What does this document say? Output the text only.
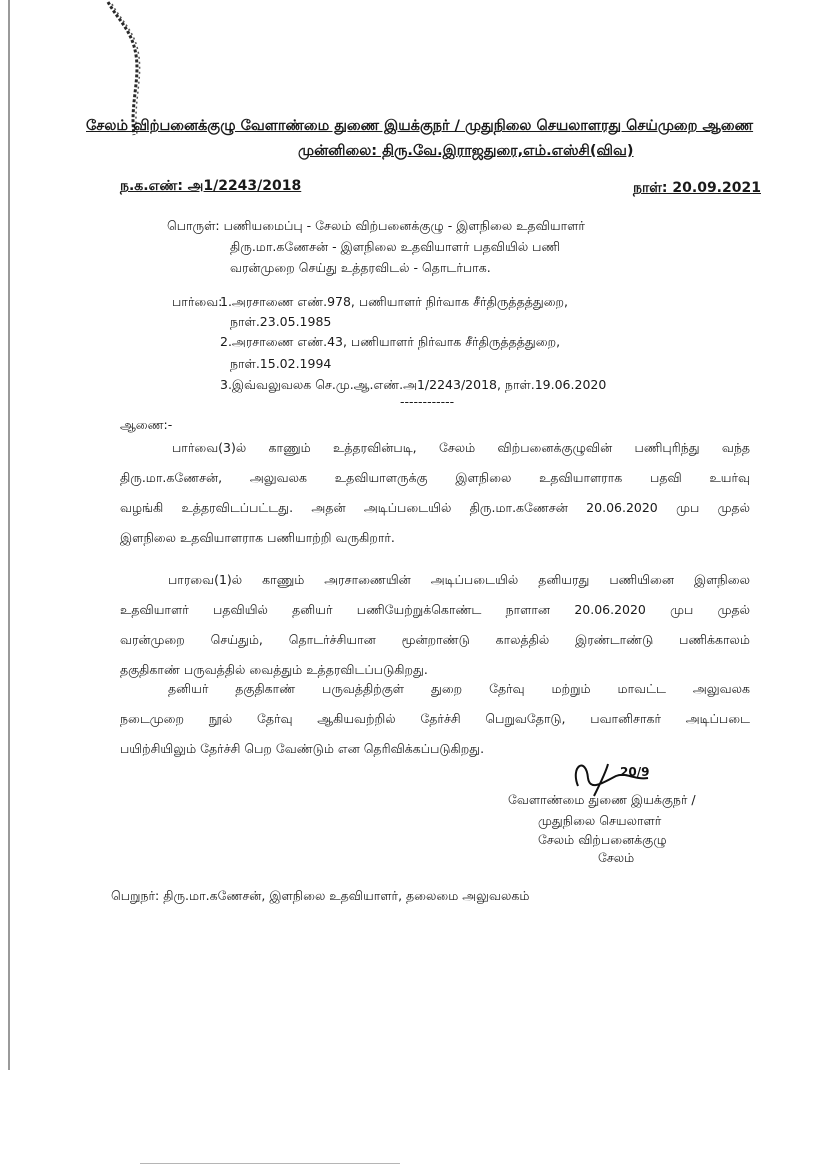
சேலம் விற்பனைக்குழு வேளாண்மை துணை இயக்குநர் / முதுநிலை செயலாளரது செய்முறை ஆணை
முன்னிலை: திரு.வே.இராஜதுரை,எம்.எஸ்சி(விவ)
ந.க.எண்: அ1/2243/2018	நாள்: 20.09.2021
பொருள்: பணியமைப்பு - சேலம் விற்பனைக்குழு - இளநிலை உதவியாளர்
திரு.மா.கணேசன் - இளநிலை உதவியாளர் பதவியில் பணி
வரன்முறை செய்து உத்தரவிடல் - தொடர்பாக.
பார்வை:
1.அரசாணை எண்.978, பணியாளர் நிர்வாக சீர்திருத்தத்துறை,
நாள்.23.05.1985
2.அரசாணை எண்.43, பணியாளர் நிர்வாக சீர்திருத்தத்துறை,
நாள்.15.02.1994
3.இவ்வலுவலக செ.மு.ஆ.எண்.அ1/2243/2018, நாள்.19.06.2020
------------
ஆணை:-
பார்வை(3)ல் காணும் உத்தரவின்படி, சேலம் விற்பனைக்குழுவின் பணிபுரிந்து வந்த
திரு.மா.கணேசன், அலுவலக உதவியாளருக்கு இளநிலை உதவியாளராக பதவி உயர்வு
வழங்கி உத்தரவிடப்பட்டது. அதன் அடிப்படையில் திரு.மா.கணேசன் 20.06.2020 முப முதல்
இளநிலை உதவியாளராக பணியாற்றி வருகிறார்.
பாரவை(1)ல் காணும் அரசாணையின் அடிப்படையில் தனியரது பணியினை இளநிலை
உதவியாளர் பதவியில் தனியர் பணியேற்றுக்கொண்ட நாளான 20.06.2020 முப முதல்
வரன்முறை செய்தும், தொடர்ச்சியான மூன்றாண்டு காலத்தில் இரண்டாண்டு பணிக்காலம்
தகுதிகாண் பருவத்தில் வைத்தும் உத்தரவிடப்படுகிறது.
தனியர் தகுதிகாண் பருவத்திற்குள் துறை தேர்வு மற்றும் மாவட்ட அலுவலக
நடைமுறை நூல் தேர்வு ஆகியவற்றில் தேர்ச்சி பெறுவதோடு, பவானிசாகர் அடிப்படை
பயிற்சியிலும் தேர்ச்சி பெற வேண்டும் என தெரிவிக்கப்படுகிறது.
20/9
வேளாண்மை துணை இயக்குநர் /
முதுநிலை செயலாளர்
சேலம் விற்பனைக்குழு
சேலம்
பெறுநர்: திரு.மா.கணேசன், இளநிலை உதவியாளர், தலைமை அலுவலகம்
